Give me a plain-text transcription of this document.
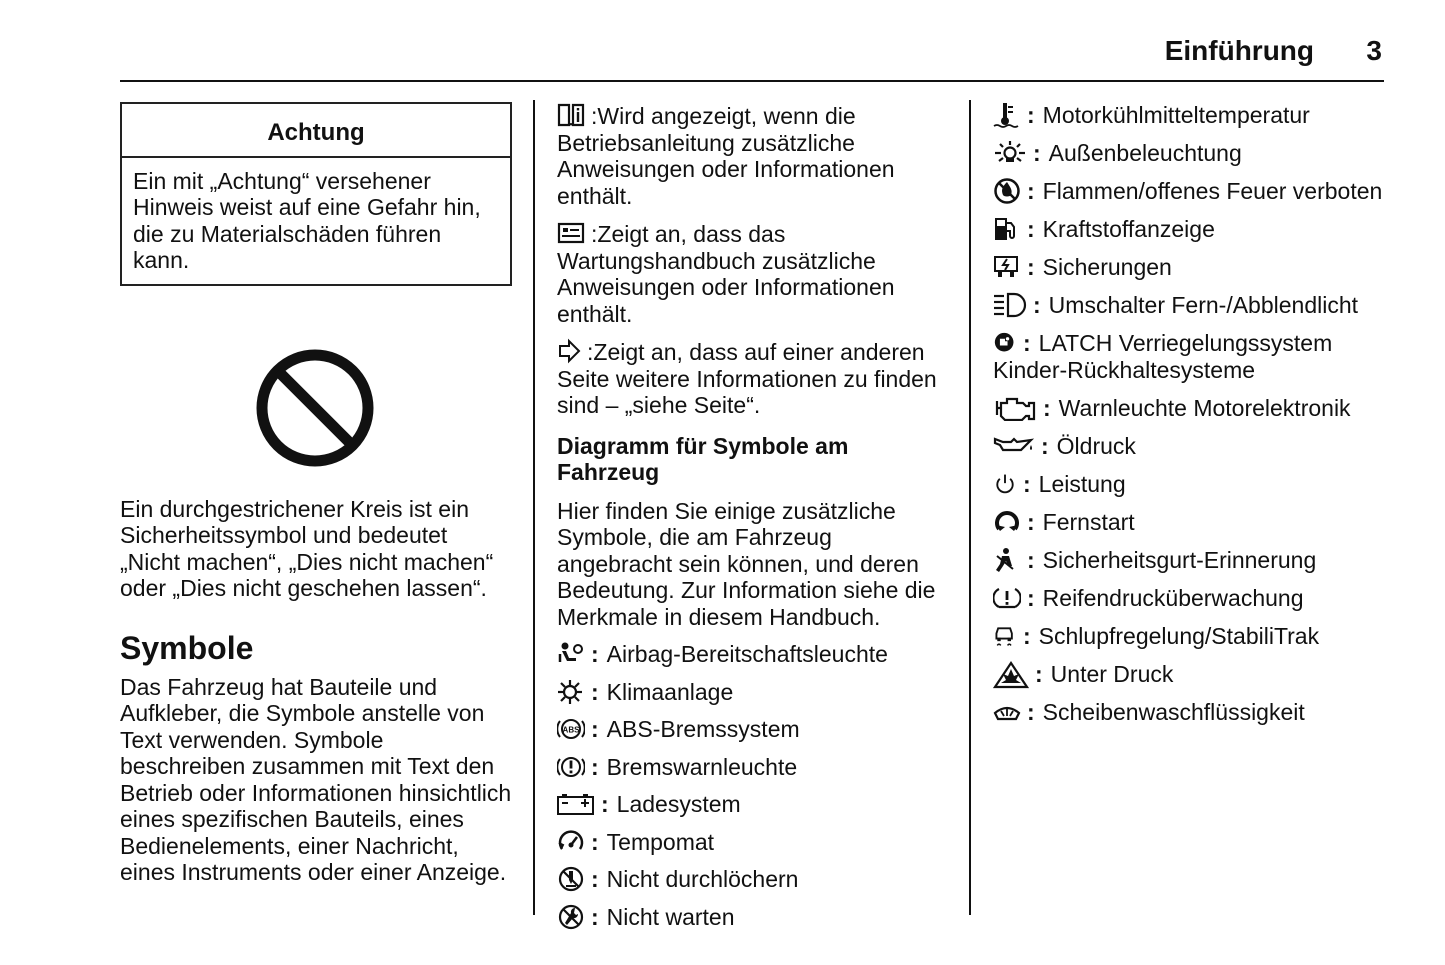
Einführung 3
Achtung
Ein mit „Achtung“ versehener Hinweis weist auf eine Gefahr hin, die zu Materialschäden führen kann.

Ein durchgestrichener Kreis ist ein Sicherheitssymbol und bedeutet „Nicht machen“, „Dies nicht machen“ oder „Dies nicht geschehen lassen“.

Symbole

Das Fahrzeug hat Bauteile und Aufkleber, die Symbole anstelle von Text verwenden. Symbole beschreiben zusammen mit Text den Betrieb oder Informationen hinsichtlich eines spezifischen Bauteils, eines Bedienelements, einer Nachricht, eines Instruments oder einer Anzeige.

:Wird angezeigt, wenn die Betriebsanleitung zusätzliche Anweisungen oder Informationen enthält.

:Zeigt an, dass das Wartungshandbuch zusätzliche Anweisungen oder Informationen enthält.

:Zeigt an, dass auf einer anderen Seite weitere Informationen zu finden sind – „siehe Seite“.

Diagramm für Symbole am Fahrzeug

Hier finden Sie einige zusätzliche Symbole, die am Fahrzeug angebracht sein können, und deren Bedeutung. Zur Information siehe die Merkmale in diesem Handbuch.

: Airbag-Bereitschaftsleuchte
: Klimaanlage
ABS : ABS-Bremssystem
: Bremswarnleuchte
: Ladesystem
: Tempomat
: Nicht durchlöchern
: Nicht warten
: Motorkühlmitteltemperatur
: Außenbeleuchtung
: Flammen/offenes Feuer verboten
: Kraftstoffanzeige
: Sicherungen
: Umschalter Fern-/Abblendlicht
: LATCH Verriegelungssystem Kinder-Rückhaltesysteme
: Warnleuchte Motorelektronik
: Öldruck
: Leistung
: Fernstart
: Sicherheitsgurt-Erinnerung
: Reifendrucküberwachung
: Schlupfregelung/StabiliTrak
: Unter Druck
: Scheibenwaschflüssigkeit
